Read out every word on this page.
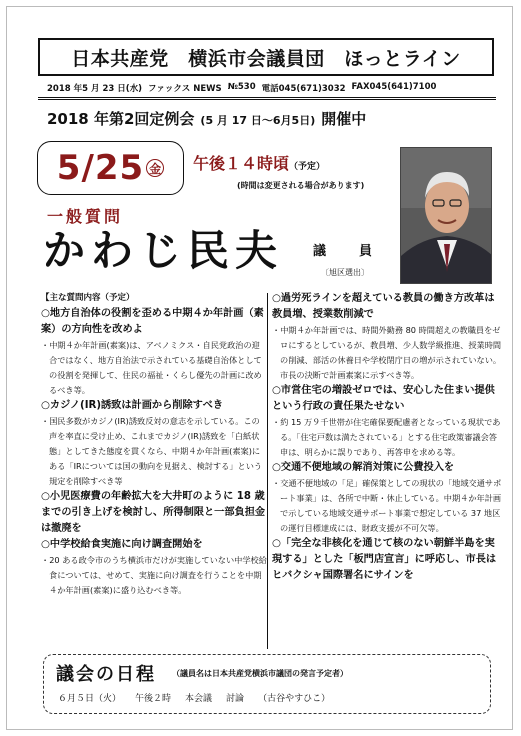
日本共産党　横浜市会議員団　ほっとライン
2018 年5 月 23 日(水) ファックス NEWS №530 電話045(671)3032 FAX045(641)7100
2018 年第2回定例会 (5 月 17 日～6月5日) 開催中
5/25 金 午後１４時頃（予定）
(時間は変更される場合があります)
一般質問
かわじ民夫 議　員
〔旭区選出〕
【主な質問内容（予定）
○地方自治体の役割を歪める中期４か年計画（素案）の方向性を改めよ
・中期４か年計画(素案)は、アベノミクス・自民党政治の迎合ではなく、地方自治法で示されている基礎自治体としての役割を発揮して、住民の福祉・くらし優先の計画に改めるべき等。
○カジノ(IR)誘致は計画から削除すべき
・国民多数がカジノ(IR)誘致反対の意志を示している。この声を率直に受け止め、これまでカジノ(IR)誘致を「白紙状態」としてきた態度を貫くなら、中期４か年計画(素案)にある「IRについては国の動向を見据え、検討する」という規定を削除すべき等
○小児医療費の年齢拡大を大井町のように 18 歳までの引き上げを検討し、所得制限と一部負担金は撤廃を
○中学校給食実施に向け調査開始を
・20 ある政令市のうち横浜市だけが実施していない中学校給食については、せめて、実施に向け調査を行うことを中期４か年計画(素案)に盛り込むべき等。
○過労死ラインを超えている教員の働き方改革は教員増、授業数削減で
・中期４か年計画では、時間外勤務 80 時間超えの教職員をゼロにするとしているが、教員増、少人数学級推進、授業時間の削減、部活の休養日や学校閉庁日の増が示されていない。市長の決断で計画素案に示すべき等。
○市営住宅の増設ゼロでは、安心した住まい提供という行政の責任果たせない
・約 15 万９千世帯が住宅確保要配慮者となっている現状である。「住宅戸数は満たされている」とする住宅政策審議会答申は、明らかに誤りであり、再答申を求める等。
○交通不便地域の解消対策に公費投入を
・交通不便地域の「足」確保策としての現状の「地域交通サポート事業」は、各所で中断・休止している。中期４か年計画で示している地域交通サポート事業で想定している 37 地区の運行目標達成には、財政支援が不可欠等。
○「完全な非核化を通じて核のない朝鮮半島を実現する」とした「板門店宣言」に呼応し、市長はヒバクシャ国際署名にサインを
議会の日程 （議員名は日本共産党横浜市議団の発言予定者）
６月５日（火） 午後２時 本会議 討論 （古谷やすひこ）
